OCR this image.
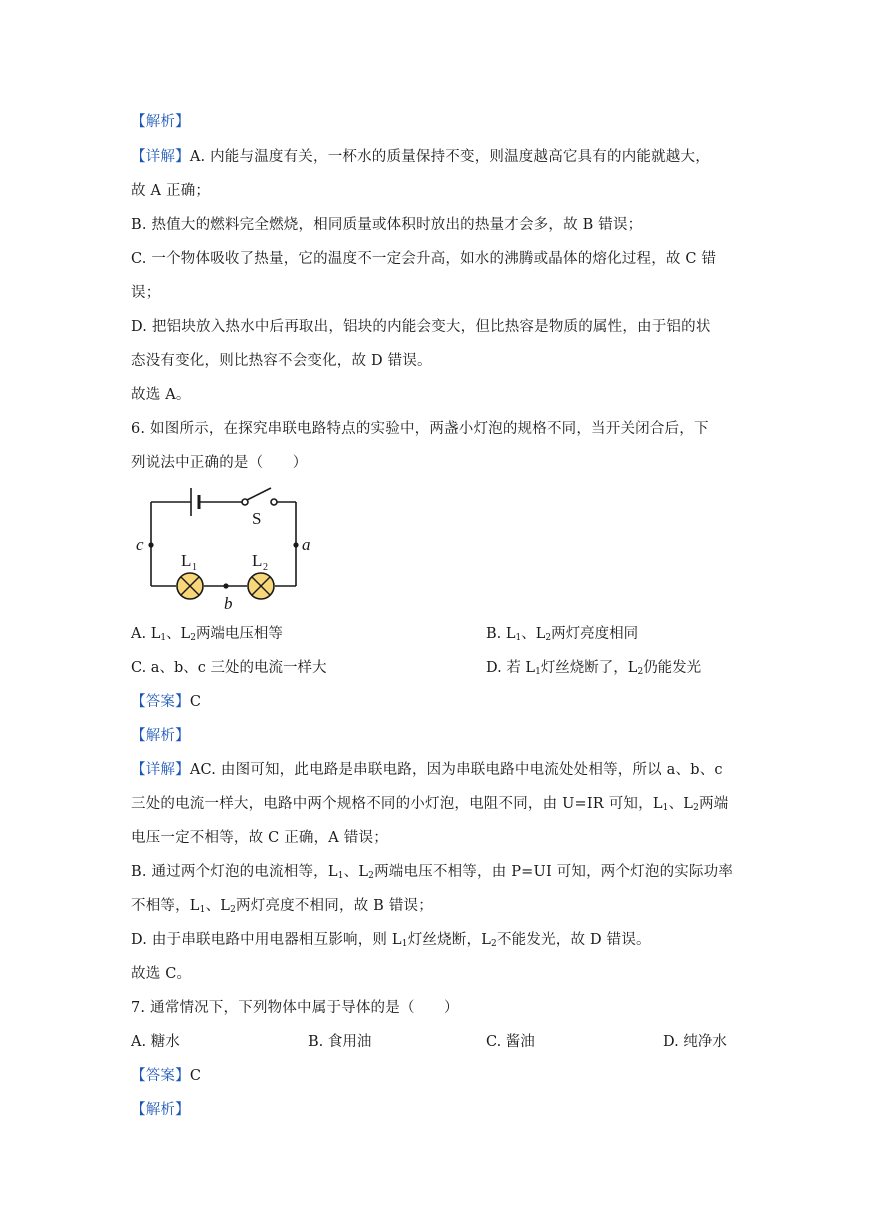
【解析】
【详解】A. 内能与温度有关，一杯水的质量保持不变，则温度越高它具有的内能就越大，
故 A 正确；
B. 热值大的燃料完全燃烧，相同质量或体积时放出的热量才会多，故 B 错误；
C. 一个物体吸收了热量，它的温度不一定会升高，如水的沸腾或晶体的熔化过程，故 C 错
误；
D. 把铝块放入热水中后再取出，铝块的内能会变大，但比热容是物质的属性，由于铝的状
态没有变化，则比热容不会变化，故 D 错误。
故选 A。
6. 如图所示，在探究串联电路特点的实验中，两盏小灯泡的规格不同，当开关闭合后，下
列说法中正确的是（　　）
S
c	a
b
L 1	L 2
A. $L_1$、$L_2$两端电压相等	B. $L_1$、$L_2$两灯亮度相同
C. a、b、c 三处的电流一样大	D. 若 $L_1$灯丝烧断了，$L_2$仍能发光
【答案】C
【解析】
【详解】AC. 由图可知，此电路是串联电路，因为串联电路中电流处处相等，所以 a、b、c
三处的电流一样大，电路中两个规格不同的小灯泡，电阻不同，由 U=IR 可知，$L_1$、$L_2$两端
电压一定不相等，故 C 正确，A 错误；
B. 通过两个灯泡的电流相等，$L_1$、$L_2$两端电压不相等，由 P=UI 可知，两个灯泡的实际功率
不相等，$L_1$、$L_2$两灯亮度不相同，故 B 错误；
D. 由于串联电路中用电器相互影响，则 $L_1$灯丝烧断，$L_2$不能发光，故 D 错误。
故选 C。
7. 通常情况下，下列物体中属于导体的是（　　）
A. 糖水	B. 食用油	C. 酱油	D. 纯净水
【答案】C
【解析】
